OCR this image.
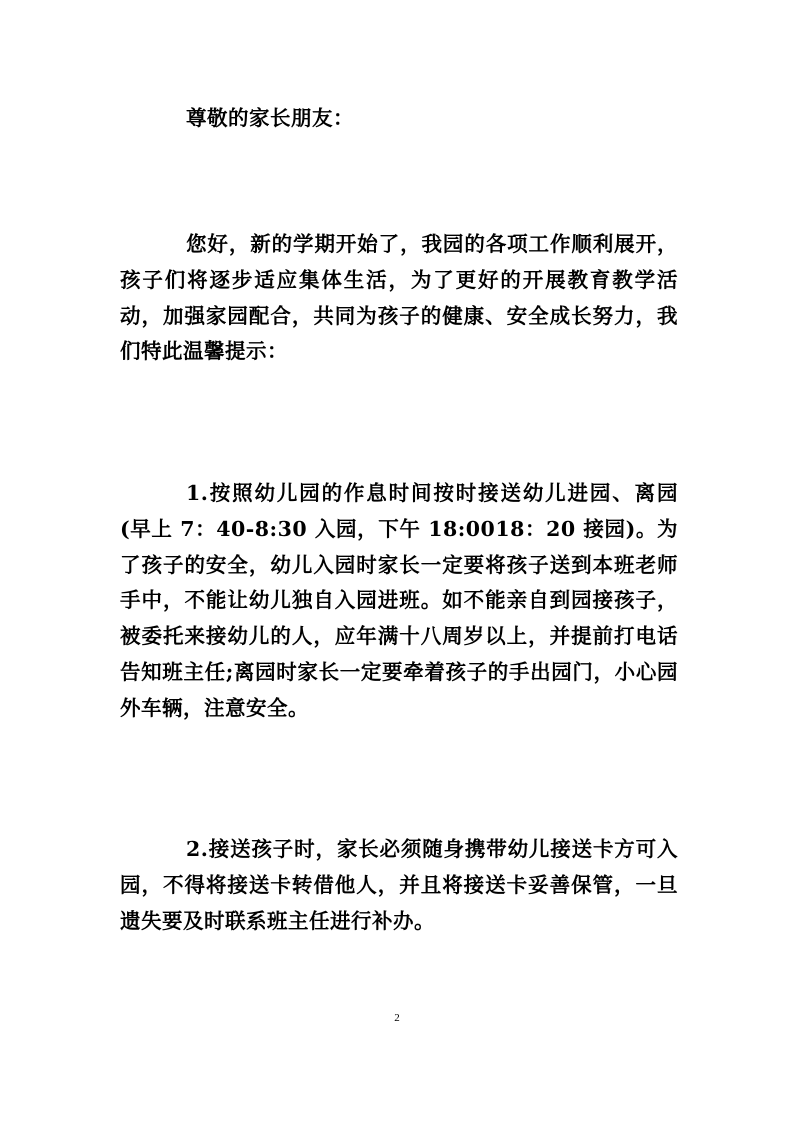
尊敬的家长朋友：

您好，新的学期开始了，我园的各项工作顺利展开，孩子们将逐步适应集体生活，为了更好的开展教育教学活动，加强家园配合，共同为孩子的健康、安全成长努力，我们特此温馨提示：

1.按照幼儿园的作息时间按时接送幼儿进园、离园(早上 7：40-8:30 入园，下午 18:0018：20 接园)。为了孩子的安全，幼儿入园时家长一定要将孩子送到本班老师手中，不能让幼儿独自入园进班。如不能亲自到园接孩子，被委托来接幼儿的人，应年满十八周岁以上，并提前打电话告知班主任;离园时家长一定要牵着孩子的手出园门，小心园外车辆，注意安全。

2.接送孩子时，家长必须随身携带幼儿接送卡方可入园，不得将接送卡转借他人，并且将接送卡妥善保管，一旦遗失要及时联系班主任进行补办。

2
